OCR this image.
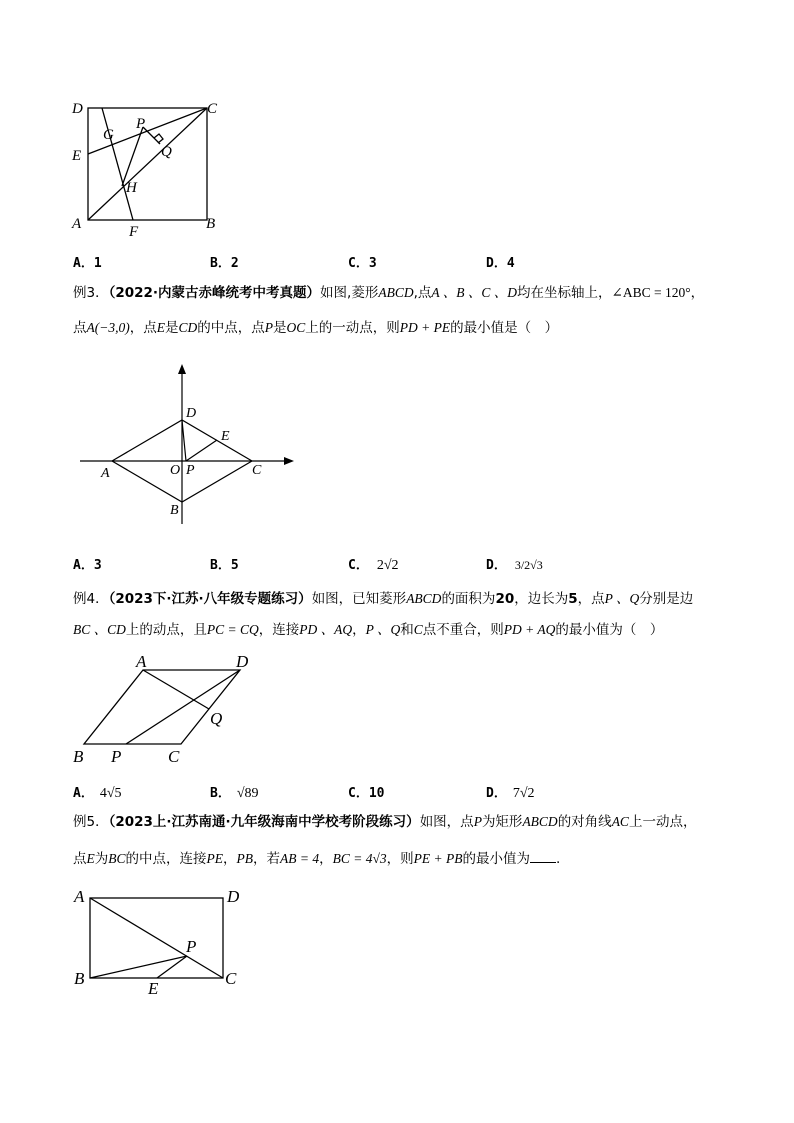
D	C
G
P
Q
E
H
A	B
F
A．1	B．2	C．3	D．4
例3．（2022·内蒙古赤峰统考中考真题）如图,菱形ABCD,点A 、B 、C 、D均在坐标轴上，∠ABC = 120°，
点A(−3,0)，点E是CD的中点，点P是OC上的一动点，则PD + PE的最小值是（　）
D
E
A	O P	C
B
A．3	B．5	C． 2√2	D． 3/2√3
例4．（2023下·江苏·八年级专题练习）如图，已知菱形ABCD的面积为20，边长为5，点P 、Q分别是边
BC 、CD上的动点，且PC = CQ，连接PD 、AQ，P 、Q和C点不重合，则PD + AQ的最小值为（　）
A	D
Q
B P	C
A． 4√5	B． √89	C．10	D． 7√2
例5．（2023上·江苏南通·九年级海南中学校考阶段练习）如图，点P为矩形ABCD的对角线AC上一动点，
点E为BC的中点，连接PE，PB，若AB = 4，BC = 4√3，则PE + PB的最小值为 .
A	D
P
B
E
C
